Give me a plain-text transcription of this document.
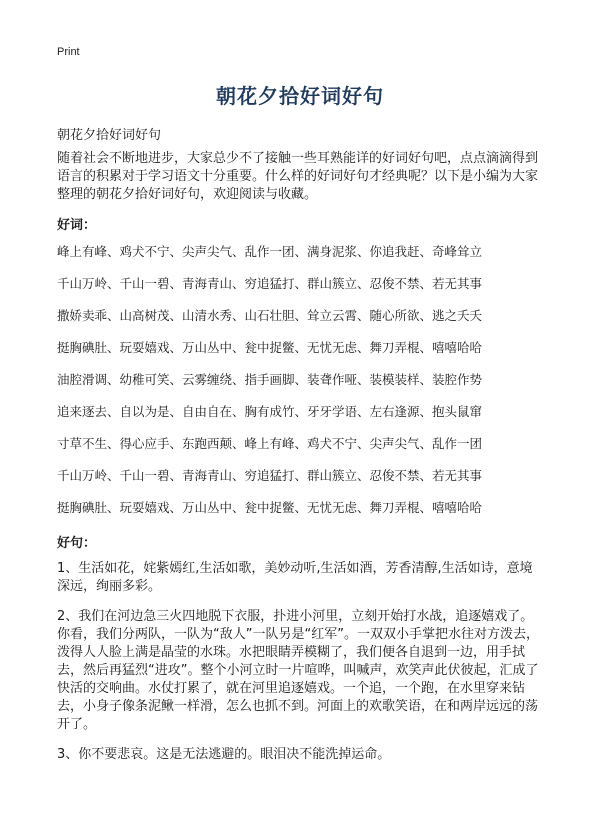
Print
朝花夕拾好词好句
朝花夕拾好词好句

随着社会不断地进步，大家总少不了接触一些耳熟能详的好词好句吧，点点滴滴得到语言的积累对于学习语文十分重要。什么样的好词好句才经典呢？以下是小编为大家整理的朝花夕拾好词好句，欢迎阅读与收藏。

好词：
峰上有峰、鸡犬不宁、尖声尖气、乱作一团、满身泥浆、你追我赶、奇峰耸立
千山万岭、千山一碧、青海青山、穷追猛打、群山簇立、忍俊不禁、若无其事
撒娇卖乖、山高树茂、山清水秀、山石壮胆、耸立云霄、随心所欲、逃之夭夭
挺胸碘肚、玩耍嬉戏、万山丛中、瓮中捉鳖、无忧无虑、舞刀弄棍、嘻嘻哈哈
油腔滑调、幼稚可笑、云雾缠绕、指手画脚、装聋作哑、装模装样、装腔作势
追来逐去、自以为是、自由自在、胸有成竹、牙牙学语、左右逢源、抱头鼠窜
寸草不生、得心应手、东跑西颠、峰上有峰、鸡犬不宁、尖声尖气、乱作一团
千山万岭、千山一碧、青海青山、穷追猛打、群山簇立、忍俊不禁、若无其事
挺胸碘肚、玩耍嬉戏、万山丛中、瓮中捉鳖、无忧无虑、舞刀弄棍、嘻嘻哈哈
好句：

1、生活如花，姹紫嫣红,生活如歌，美妙动听,生活如酒，芳香清醇,生活如诗，意境深远，绚丽多彩。

2、我们在河边急三火四地脱下衣服，扑进小河里，立刻开始打水战，追逐嬉戏了。你看，我们分两队，一队为“敌人”一队另是“红军”。一双双小手掌把水往对方泼去，泼得人人脸上满是晶莹的水珠。水把眼睛弄模糊了，我们便各自退到一边，用手拭去，然后再猛烈“进攻”。整个小河立时一片喧哗，叫喊声，欢笑声此伏彼起，汇成了快活的交响曲。水仗打累了，就在河里追逐嬉戏。一个追，一个跑，在水里穿来钻去，小身子像条泥鳅一样滑，怎么也抓不到。河面上的欢歌笑语，在和两岸远远的荡开了。

3、你不要悲哀。这是无法逃避的。眼泪决不能洗掉运命。
